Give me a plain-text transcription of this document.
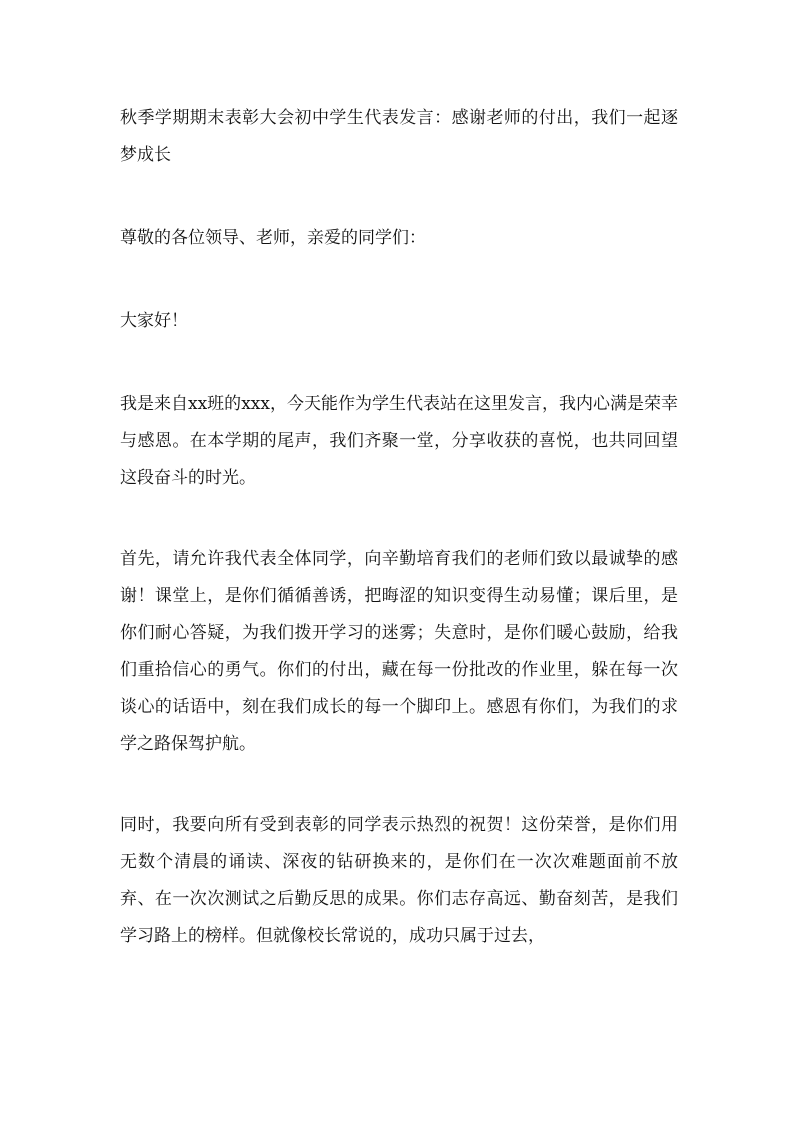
秋季学期期末表彰大会初中学生代表发言：感谢老师的付出，我们一起逐梦成长

尊敬的各位领导、老师，亲爱的同学们：

大家好！

我是来自xx班的xxx，今天能作为学生代表站在这里发言，我内心满是荣幸与感恩。在本学期的尾声，我们齐聚一堂，分享收获的喜悦，也共同回望这段奋斗的时光。

首先，请允许我代表全体同学，向辛勤培育我们的老师们致以最诚挚的感谢！课堂上，是你们循循善诱，把晦涩的知识变得生动易懂；课后里，是你们耐心答疑，为我们拨开学习的迷雾；失意时，是你们暖心鼓励，给我们重拾信心的勇气。你们的付出，藏在每一份批改的作业里，躲在每一次谈心的话语中，刻在我们成长的每一个脚印上。感恩有你们，为我们的求学之路保驾护航。

同时，我要向所有受到表彰的同学表示热烈的祝贺！这份荣誉，是你们用无数个清晨的诵读、深夜的钻研换来的，是你们在一次次难题面前不放弃、在一次次测试之后勤反思的成果。你们志存高远、勤奋刻苦，是我们学习路上的榜样。但就像校长常说的，成功只属于过去，
